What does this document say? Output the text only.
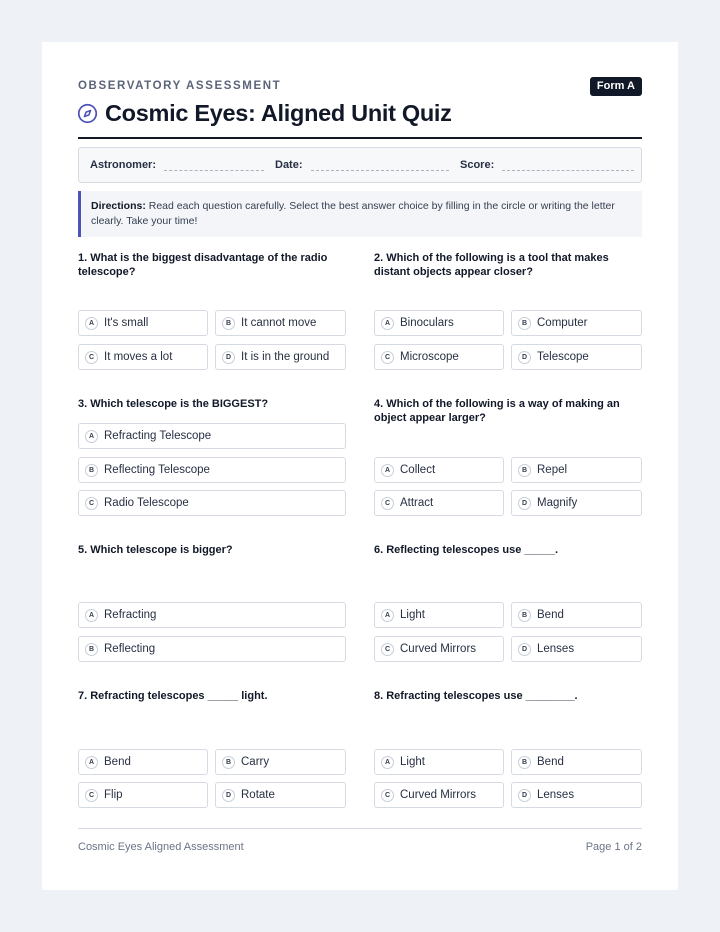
OBSERVATORY ASSESSMENT	Form A
Cosmic Eyes: Aligned Unit Quiz
Astronomer:	Date:	Score:
Directions: Read each question carefully. Select the best answer choice by filling in the circle or writing the letter clearly. Take your time!
1. What is the biggest disadvantage of the radio telescope?
A It's small	B It cannot move
C It moves a lot	D It is in the ground
2. Which of the following is a tool that makes distant objects appear closer?
A Binoculars	B Computer
C Microscope	D Telescope
3. Which telescope is the BIGGEST?
A Refracting Telescope
B Reflecting Telescope
C Radio Telescope
4. Which of the following is a way of making an object appear larger?
A Collect	B Repel
C Attract	D Magnify
5. Which telescope is bigger?
A Refracting
B Reflecting
6. Reflecting telescopes use _____.
A Light	B Bend
C Curved Mirrors	D Lenses
7. Refracting telescopes _____ light.
A Bend	B Carry
C Flip	D Rotate
8. Refracting telescopes use ________.
A Light	B Bend
C Curved Mirrors	D Lenses
Cosmic Eyes Aligned Assessment	Page 1 of 2
